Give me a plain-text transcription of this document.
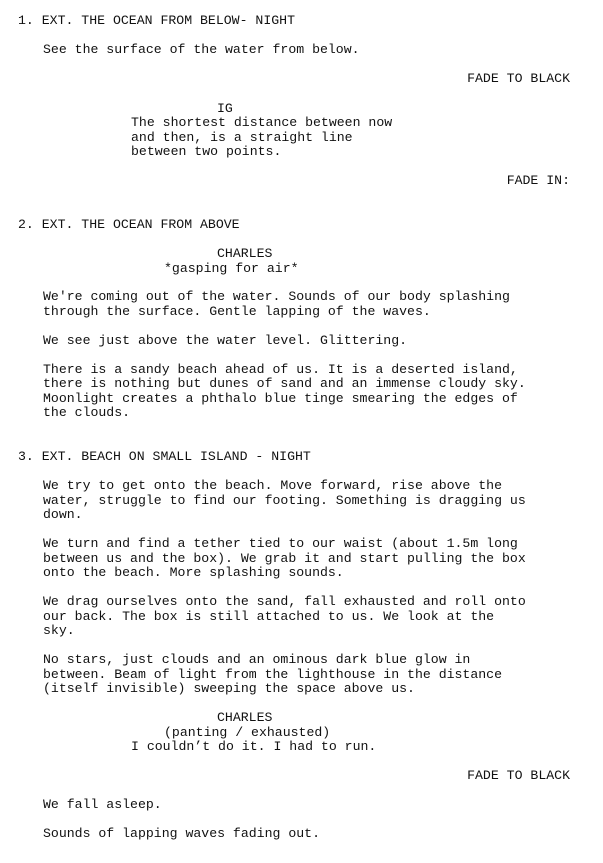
1. EXT. THE OCEAN FROM BELOW- NIGHT
See the surface of the water from below.
FADE TO BLACK
IG
The shortest distance between now
and then, is a straight line
between two points.
FADE IN:
2. EXT. THE OCEAN FROM ABOVE
CHARLES
*gasping for air*
We're coming out of the water. Sounds of our body splashing
through the surface. Gentle lapping of the waves.
We see just above the water level. Glittering.
There is a sandy beach ahead of us. It is a deserted island,
there is nothing but dunes of sand and an immense cloudy sky.
Moonlight creates a phthalo blue tinge smearing the edges of
the clouds.
3. EXT. BEACH ON SMALL ISLAND - NIGHT
We try to get onto the beach. Move forward, rise above the
water, struggle to find our footing. Something is dragging us
down.
We turn and find a tether tied to our waist (about 1.5m long
between us and the box). We grab it and start pulling the box
onto the beach. More splashing sounds.
We drag ourselves onto the sand, fall exhausted and roll onto
our back. The box is still attached to us. We look at the
sky.
No stars, just clouds and an ominous dark blue glow in
between. Beam of light from the lighthouse in the distance
(itself invisible) sweeping the space above us.
CHARLES
(panting / exhausted)
I couldn’t do it. I had to run.
FADE TO BLACK
We fall asleep.
Sounds of lapping waves fading out.
